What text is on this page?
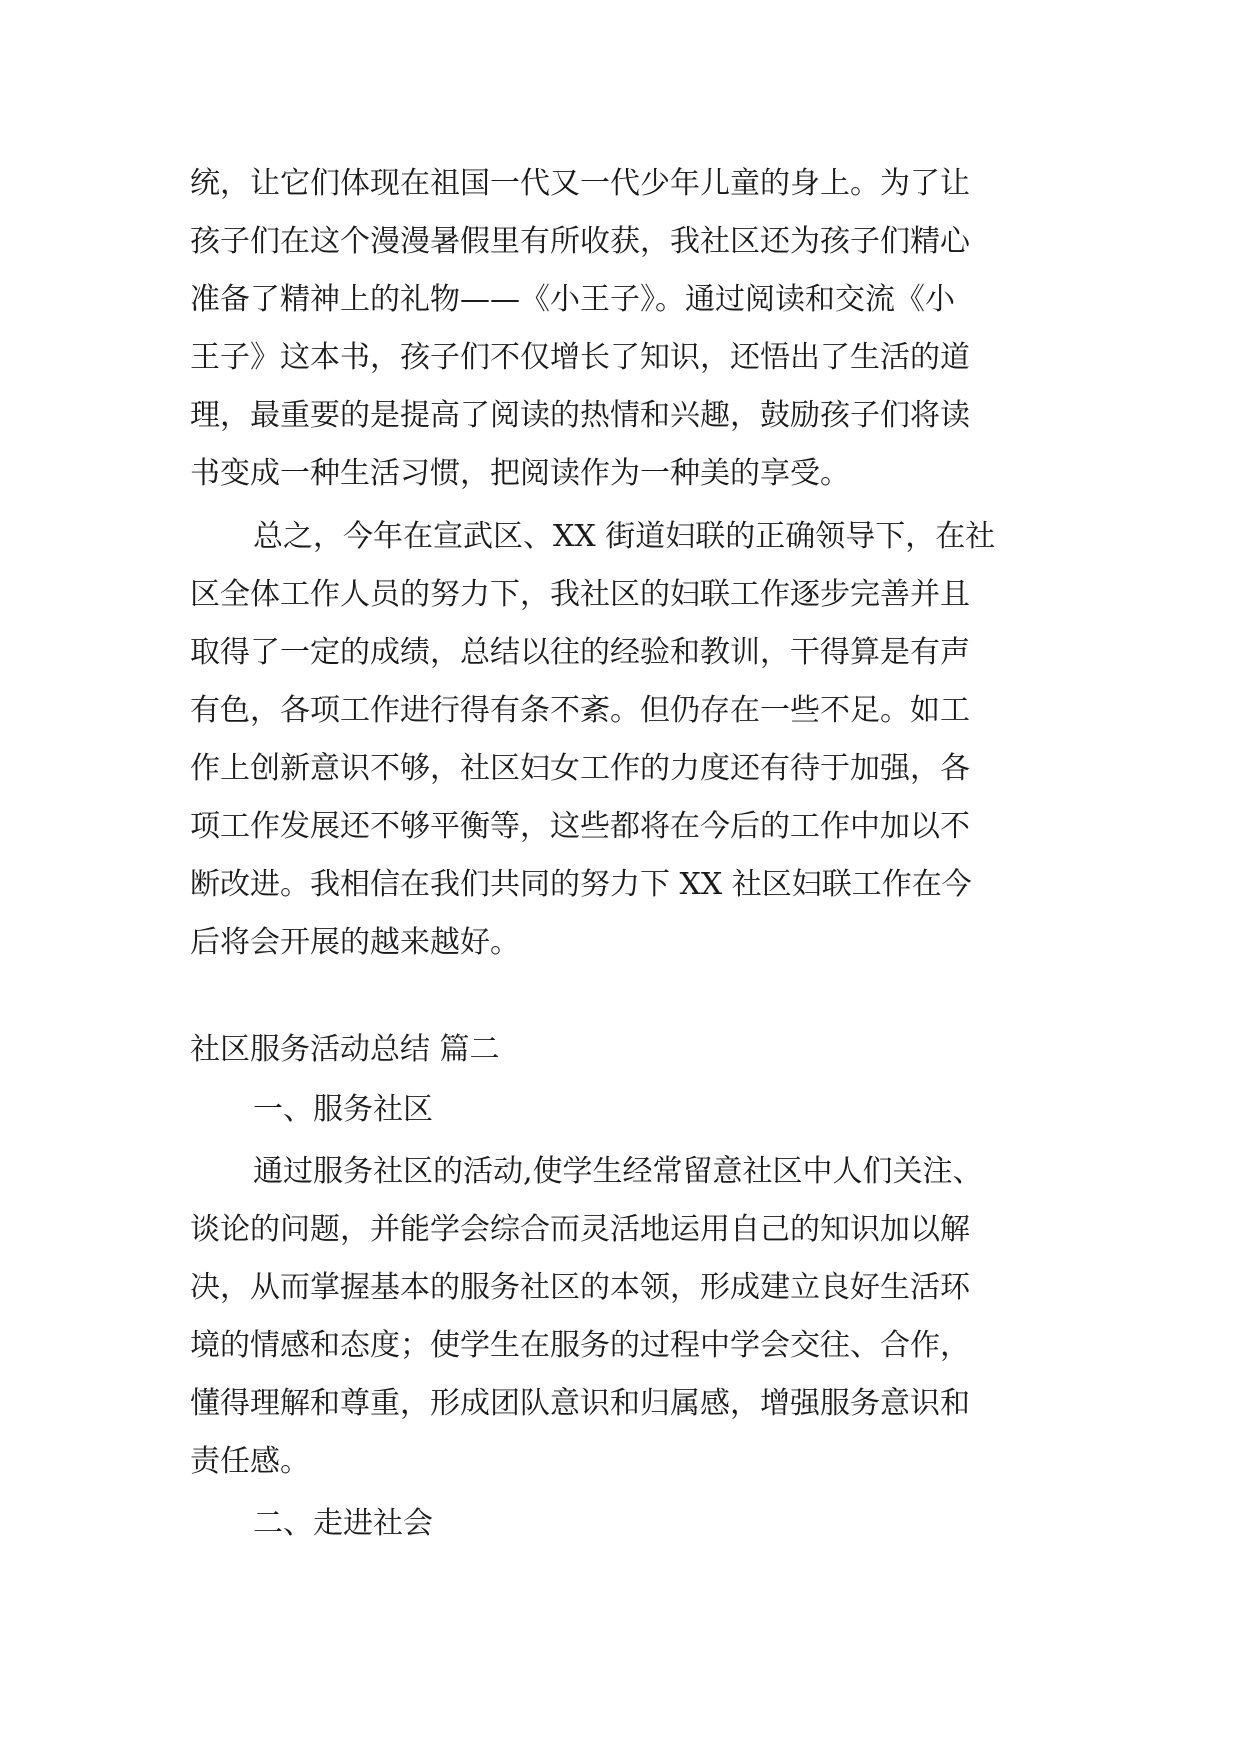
统，让它们体现在祖国一代又一代少年儿童的身上。为了让

孩子们在这个漫漫暑假里有所收获，我社区还为孩子们精心

准备了精神上的礼物——《小王子》。通过阅读和交流《小

王子》这本书，孩子们不仅增长了知识，还悟出了生活的道

理，最重要的是提高了阅读的热情和兴趣，鼓励孩子们将读

书变成一种生活习惯，把阅读作为一种美的享受。

总之，今年在宣武区、XX 街道妇联的正确领导下，在社

区全体工作人员的努力下，我社区的妇联工作逐步完善并且

取得了一定的成绩，总结以往的经验和教训，干得算是有声

有色，各项工作进行得有条不紊。但仍存在一些不足。如工

作上创新意识不够，社区妇女工作的力度还有待于加强，各

项工作发展还不够平衡等，这些都将在今后的工作中加以不

断改进。我相信在我们共同的努力下 XX 社区妇联工作在今

后将会开展的越来越好。

社区服务活动总结 篇二

一、服务社区

通过服务社区的活动,使学生经常留意社区中人们关注、

谈论的问题，并能学会综合而灵活地运用自己的知识加以解

决，从而掌握基本的服务社区的本领，形成建立良好生活环

境的情感和态度；使学生在服务的过程中学会交往、合作，

懂得理解和尊重，形成团队意识和归属感，增强服务意识和

责任感。

二、走进社会
